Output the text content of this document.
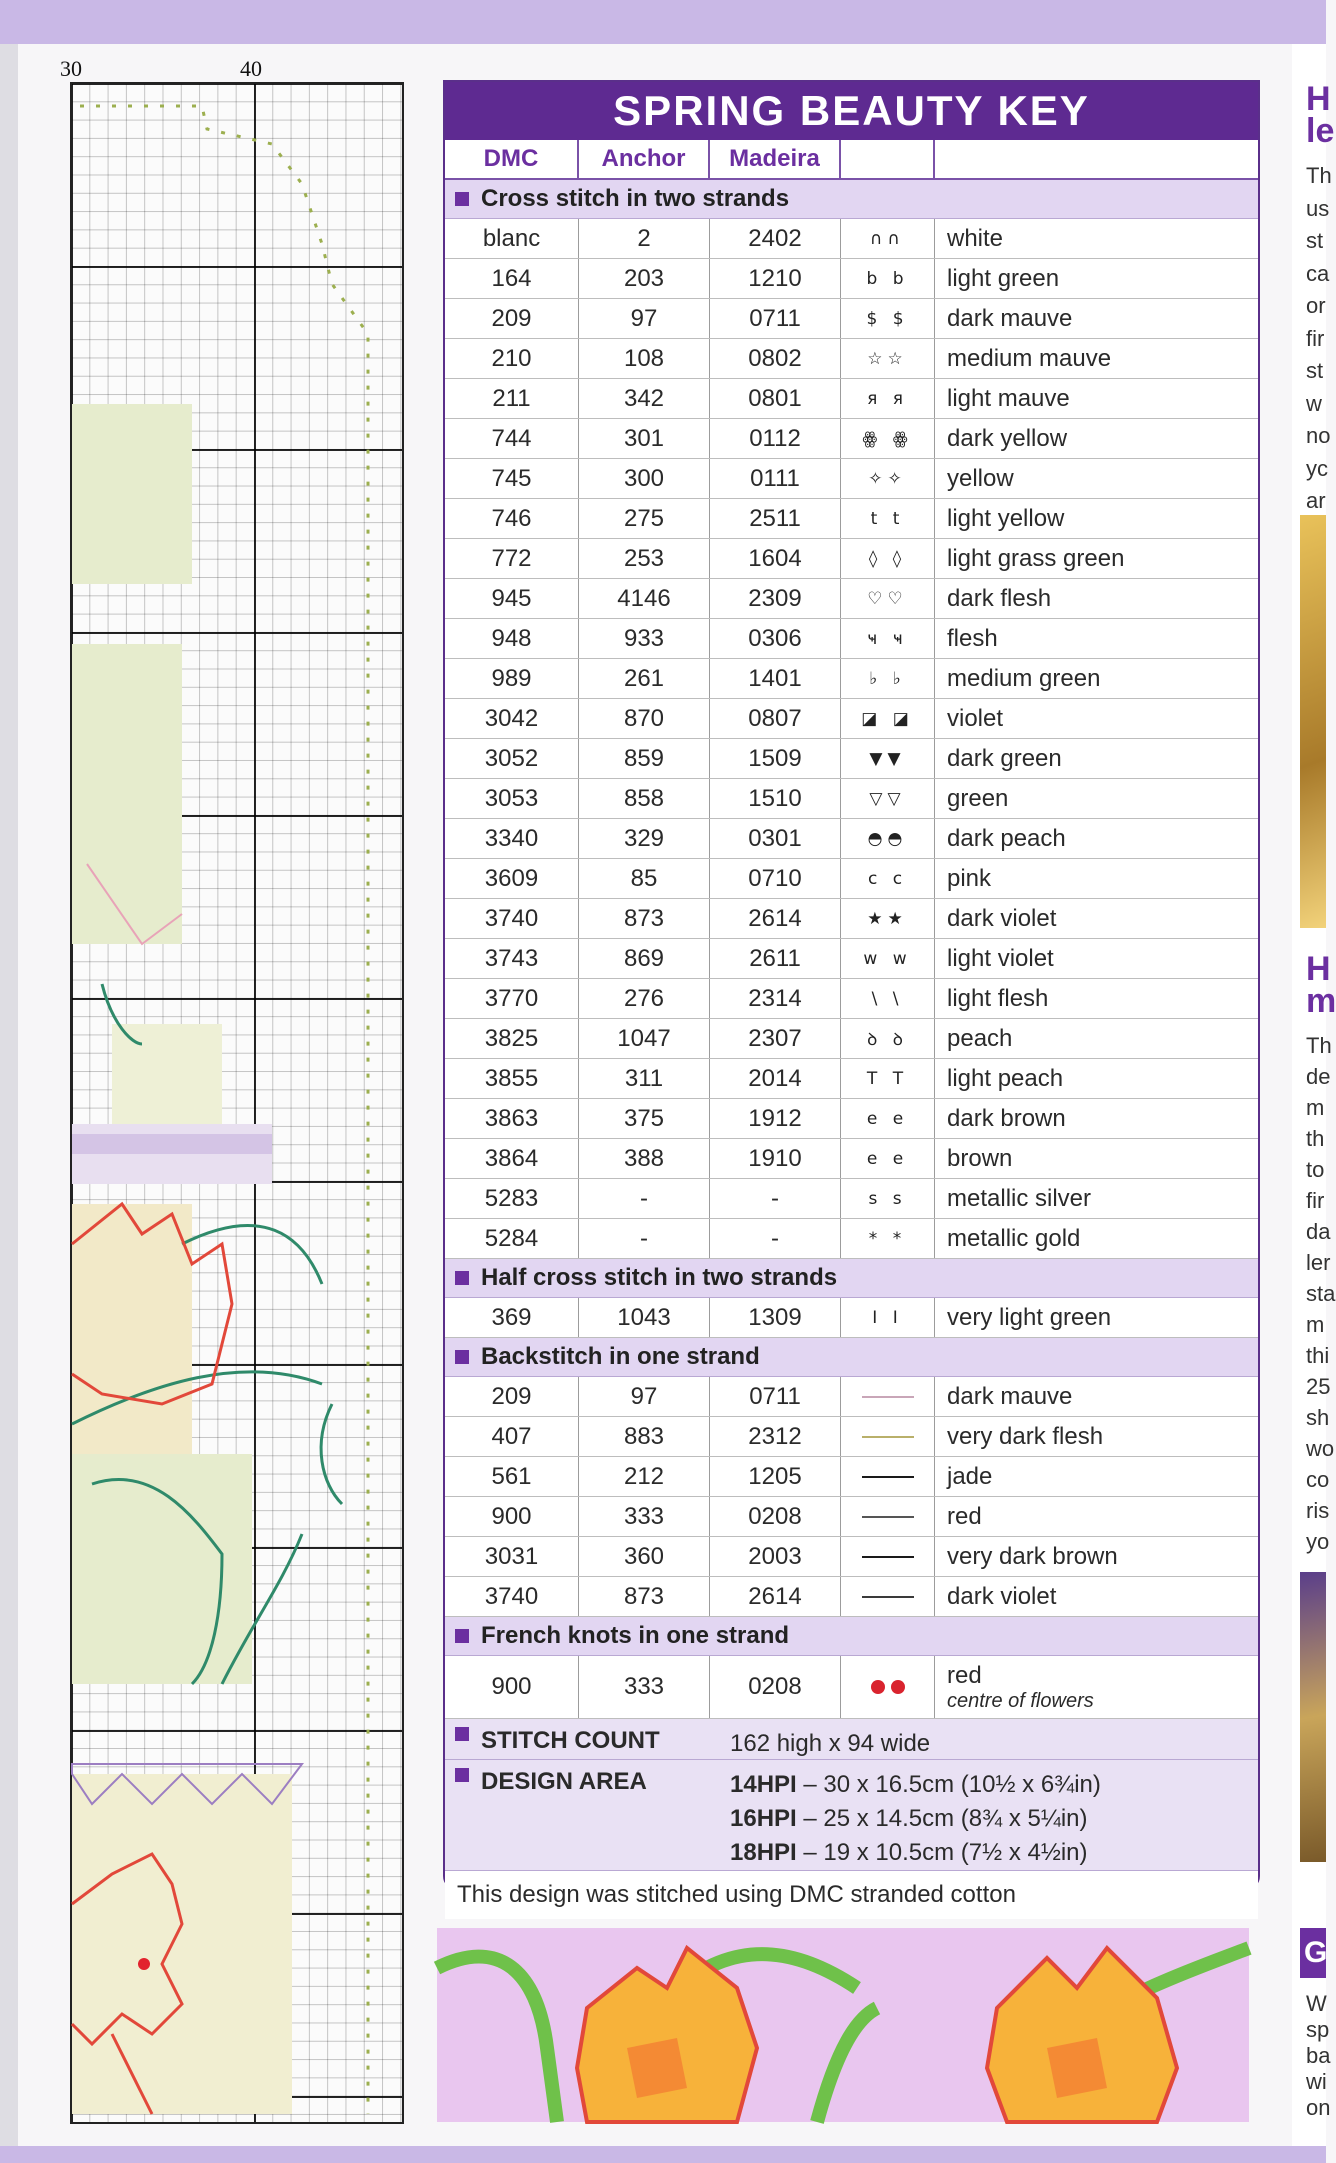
30	40
SPRING BEAUTY KEY
DMC	Anchor	Madeira
Cross stitch in two strands
blanc	2	2402	∩∩	white
164	203	1210	b b	light green
209	97	0711	$ $	dark mauve
210	108	0802	☆☆	medium mauve
211	342	0801	я я	light mauve
744	301	0112	ꙮ ꙮ	dark yellow
745	300	0111	✧✧	yellow
746	275	2511	t t	light yellow
772	253	1604	◊ ◊	light grass green
945	4146	2309	♡♡	dark flesh
948	933	0306	ҹ ҹ	flesh
989	261	1401	♭ ♭	medium green
3042	870	0807	◪ ◪	violet
3052	859	1509	▼▼	dark green
3053	858	1510	▽▽	green
3340	329	0301	◓◓	dark peach
3609	85	0710	c c	pink
3740	873	2614	★★	dark violet
3743	869	2611	w w	light violet
3770	276	2314	\ \	light flesh
3825	1047	2307	ꝺ ꝺ	peach
3855	311	2014	T T	light peach
3863	375	1912	e e	dark brown
3864	388	1910	e e	brown
5283	-	-	ꜱ ꜱ	metallic silver
5284	-	-	* *	metallic gold
Half cross stitch in two strands
369	1043	1309	I I	very light green
Backstitch in one strand
209	97	0711	dark mauve
407	883	2312	very dark flesh
561	212	1205	jade
900	333	0208	red
3031	360	2003	very dark brown
3740	873	2614	dark violet
French knots in one strand
900	333	0208	red
centre of flowers
STITCH COUNT	162 high x 94 wide
DESIGN AREA	14HPI – 30 x 16.5cm (10½ x 6¾in)
16HPI – 25 x 14.5cm (8¾ x 5¼in)
18HPI – 19 x 10.5cm (7½ x 4½in)
This design was stitched using DMC stranded cotton
H
le
Th
us
st
ca
or
fir
st
w
no
yc
ar
H
m
Th
de
m
th
to
fir
da
ler
sta
m
thi
25
sh
wo
co
ris
yo
G
W
sp
ba
wi
on
